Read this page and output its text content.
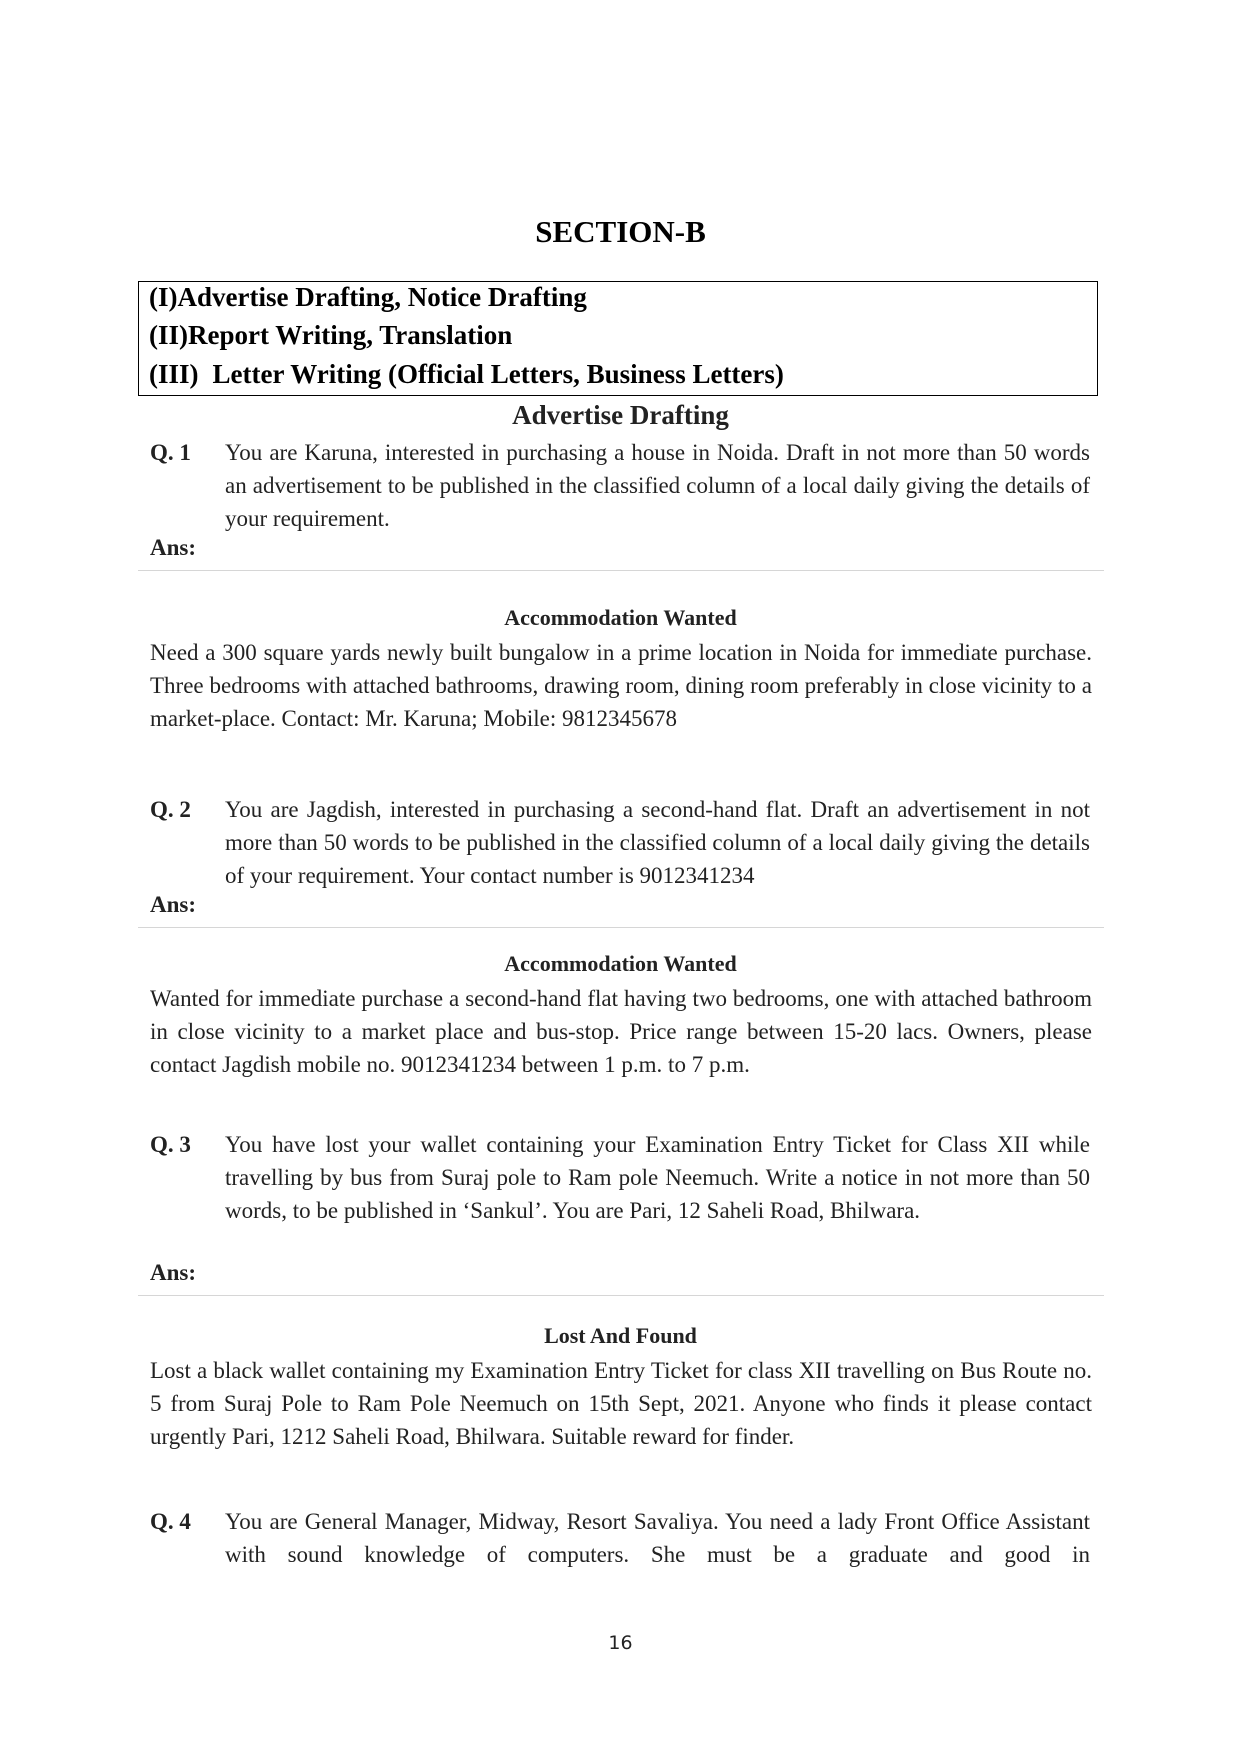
SECTION-B
(I)Advertise Drafting, Notice Drafting
(II)Report Writing, Translation
(III) Letter Writing (Official Letters, Business Letters)
Advertise Drafting
Q. 1 You are Karuna, interested in purchasing a house in Noida. Draft in not more than 50 words an advertisement to be published in the classified column of a local daily giving the details of your requirement.
Ans:
Accommodation Wanted
Need a 300 square yards newly built bungalow in a prime location in Noida for immediate purchase. Three bedrooms with attached bathrooms, drawing room, dining room preferably in close vicinity to a market-place. Contact: Mr. Karuna; Mobile: 9812345678
Q. 2 You are Jagdish, interested in purchasing a second-hand flat. Draft an advertisement in not more than 50 words to be published in the classified column of a local daily giving the details of your requirement. Your contact number is 9012341234
Ans:
Accommodation Wanted
Wanted for immediate purchase a second-hand flat having two bedrooms, one with attached bathroom in close vicinity to a market place and bus-stop. Price range between 15-20 lacs. Owners, please contact Jagdish mobile no. 9012341234 between 1 p.m. to 7 p.m.
Q. 3 You have lost your wallet containing your Examination Entry Ticket for Class XII while travelling by bus from Suraj pole to Ram pole Neemuch. Write a notice in not more than 50 words, to be published in ‘Sankul’. You are Pari, 12 Saheli Road, Bhilwara.
Ans:
Lost And Found
Lost a black wallet containing my Examination Entry Ticket for class XII travelling on Bus Route no. 5 from Suraj Pole to Ram Pole Neemuch on 15th Sept, 2021. Anyone who finds it please contact urgently Pari, 1212 Saheli Road, Bhilwara. Suitable reward for finder.
Q. 4 You are General Manager, Midway, Resort Savaliya. You need a lady Front Office Assistant with sound knowledge of computers. She must be a graduate and good in
16
